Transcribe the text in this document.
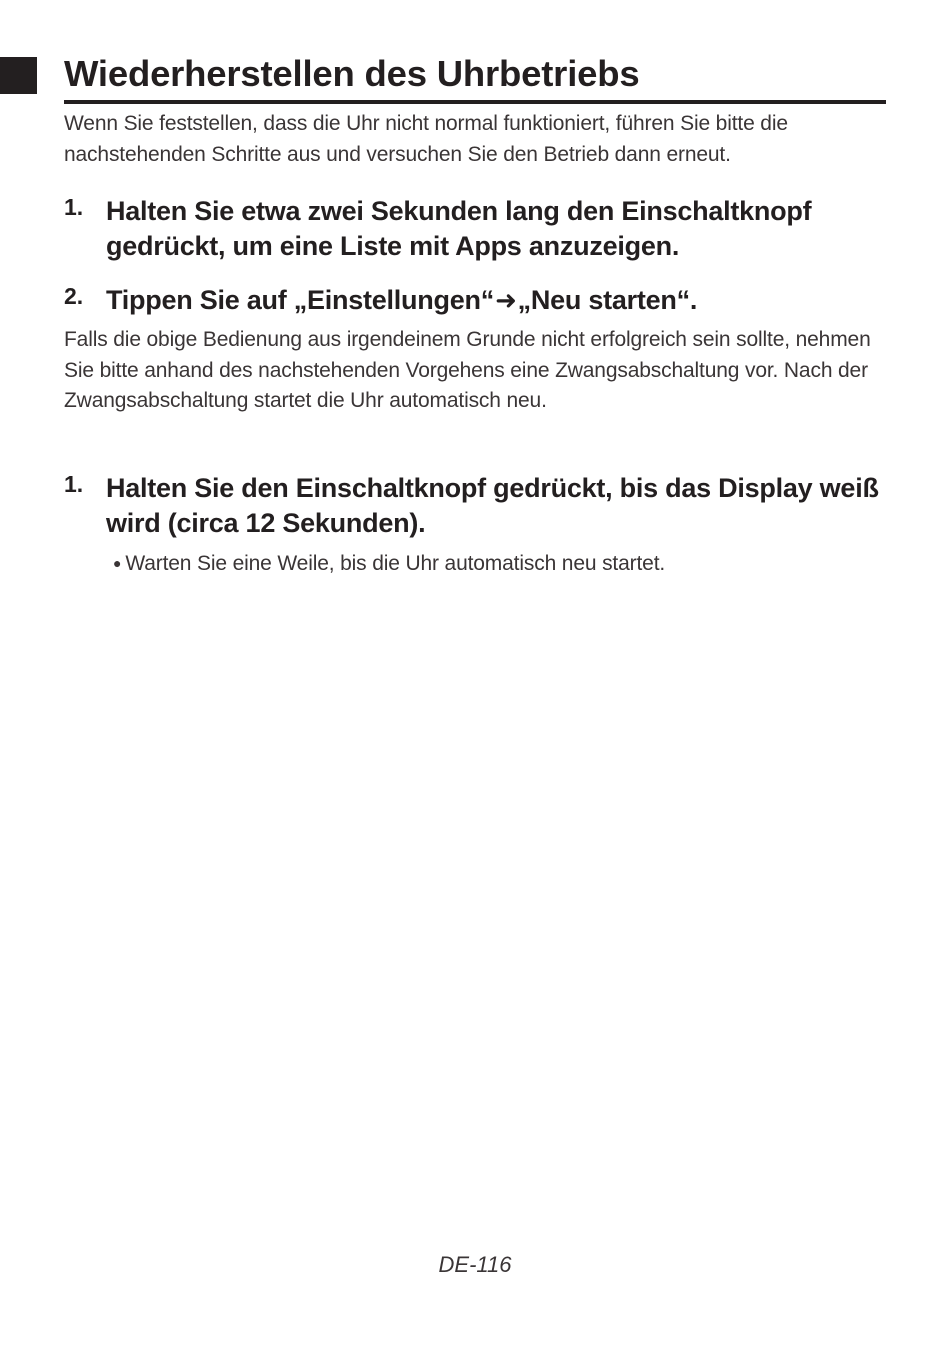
Wiederherstellen des Uhrbetriebs

Wenn Sie feststellen, dass die Uhr nicht normal funktioniert, führen Sie bitte die nachstehenden Schritte aus und versuchen Sie den Betrieb dann erneut.

1. Halten Sie etwa zwei Sekunden lang den Einschaltknopf gedrückt, um eine Liste mit Apps anzuzeigen.
2. Tippen Sie auf „Einstellungen“➜„Neu starten“.

Falls die obige Bedienung aus irgendeinem Grunde nicht erfolgreich sein sollte, nehmen Sie bitte anhand des nachstehenden Vorgehens eine Zwangsabschaltung vor. Nach der Zwangsabschaltung startet die Uhr automatisch neu.

1. Halten Sie den Einschaltknopf gedrückt, bis das Display weiß wird (circa 12 Sekunden).

● Warten Sie eine Weile, bis die Uhr automatisch neu startet.

DE-116
